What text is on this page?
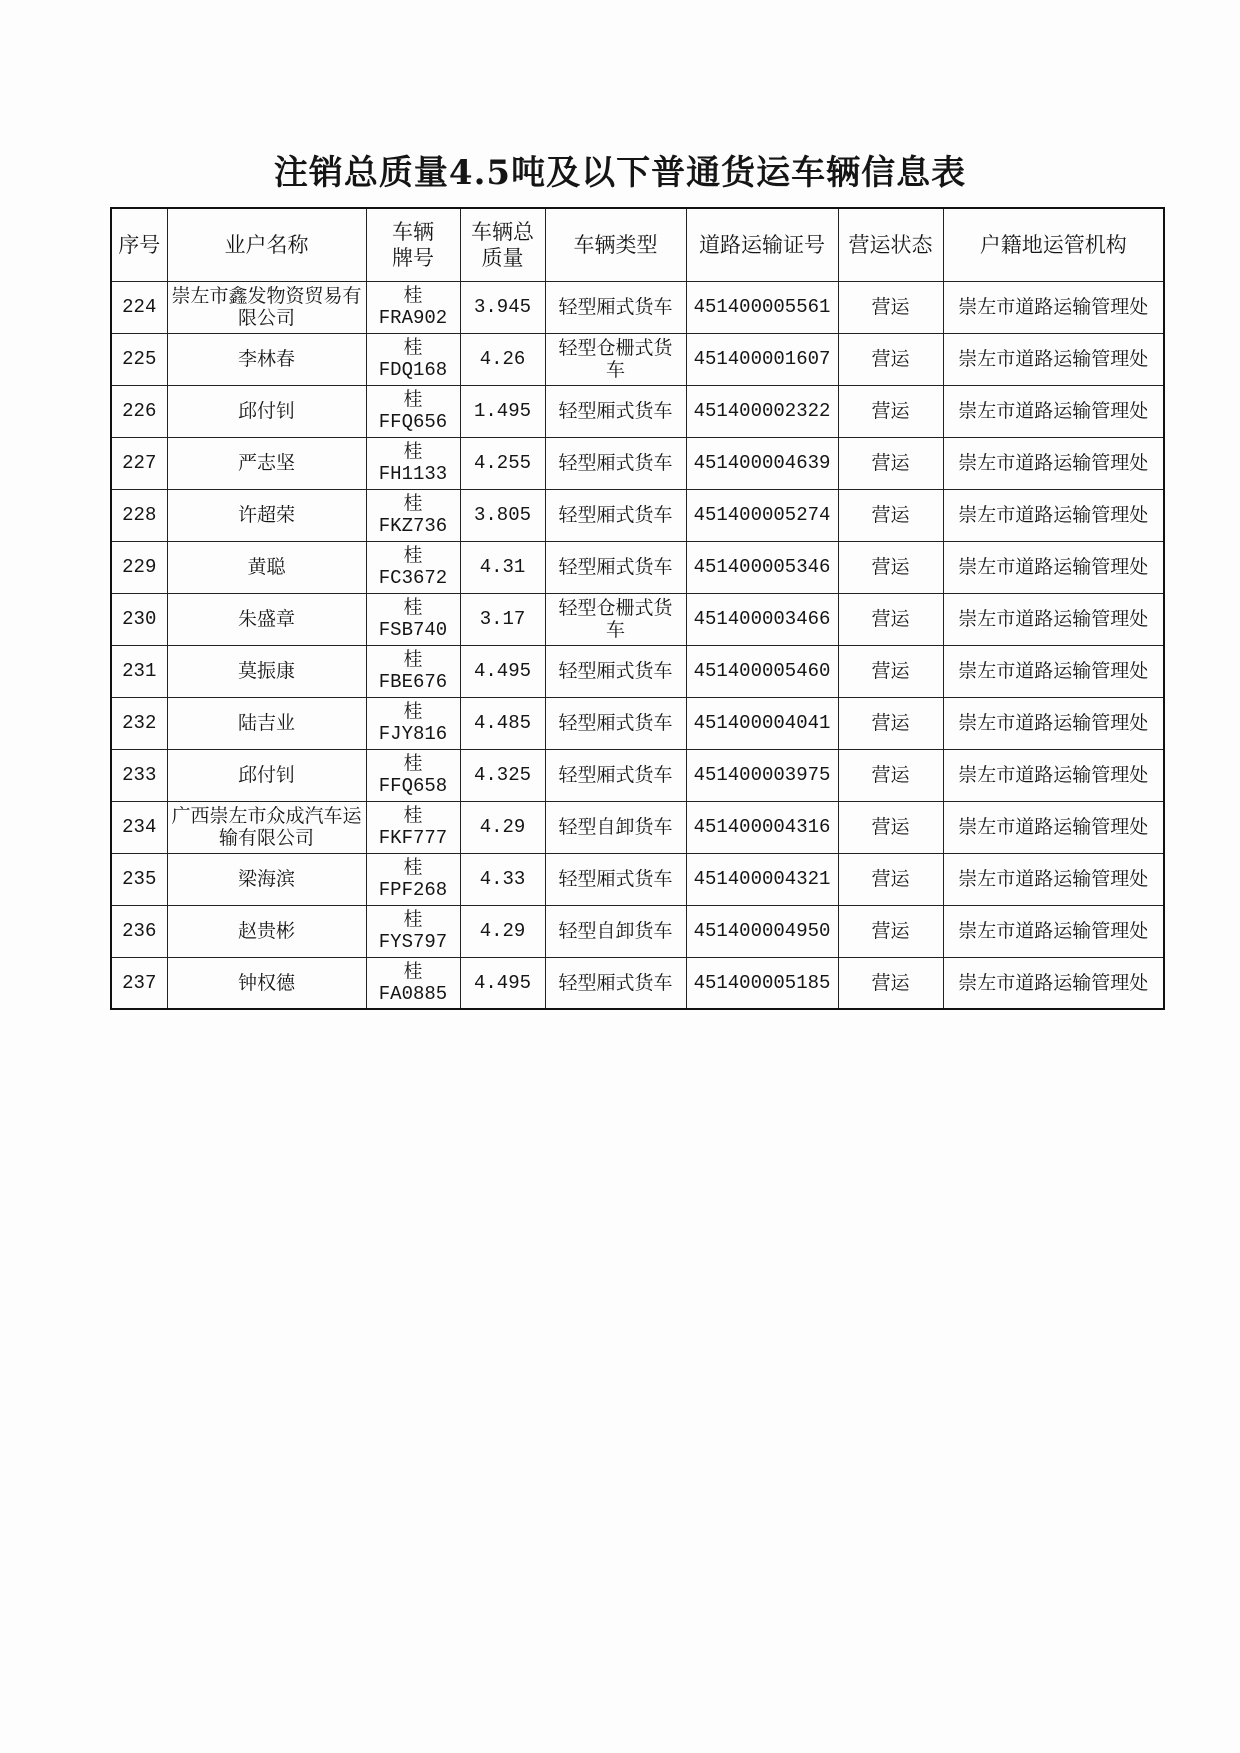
注销总质量4.5吨及以下普通货运车辆信息表
序号	业户名称	车辆牌号	车辆总质量	车辆类型	道路运输证号	营运状态	户籍地运管机构
224	崇左市鑫发物资贸易有限公司	桂FRA902	3.945	轻型厢式货车	451400005561	营运	崇左市道路运输管理处
225	李林春	桂FDQ168	4.26	轻型仓栅式货车	451400001607	营运	崇左市道路运输管理处
226	邱付钊	桂FFQ656	1.495	轻型厢式货车	451400002322	营运	崇左市道路运输管理处
227	严志坚	桂FH1133	4.255	轻型厢式货车	451400004639	营运	崇左市道路运输管理处
228	许超荣	桂FKZ736	3.805	轻型厢式货车	451400005274	营运	崇左市道路运输管理处
229	黄聪	桂FC3672	4.31	轻型厢式货车	451400005346	营运	崇左市道路运输管理处
230	朱盛章	桂FSB740	3.17	轻型仓栅式货车	451400003466	营运	崇左市道路运输管理处
231	莫振康	桂FBE676	4.495	轻型厢式货车	451400005460	营运	崇左市道路运输管理处
232	陆吉业	桂FJY816	4.485	轻型厢式货车	451400004041	营运	崇左市道路运输管理处
233	邱付钊	桂FFQ658	4.325	轻型厢式货车	451400003975	营运	崇左市道路运输管理处
234	广西崇左市众成汽车运输有限公司	桂FKF777	4.29	轻型自卸货车	451400004316	营运	崇左市道路运输管理处
235	梁海滨	桂FPF268	4.33	轻型厢式货车	451400004321	营运	崇左市道路运输管理处
236	赵贵彬	桂FYS797	4.29	轻型自卸货车	451400004950	营运	崇左市道路运输管理处
237	钟权德	桂FA0885	4.495	轻型厢式货车	451400005185	营运	崇左市道路运输管理处
